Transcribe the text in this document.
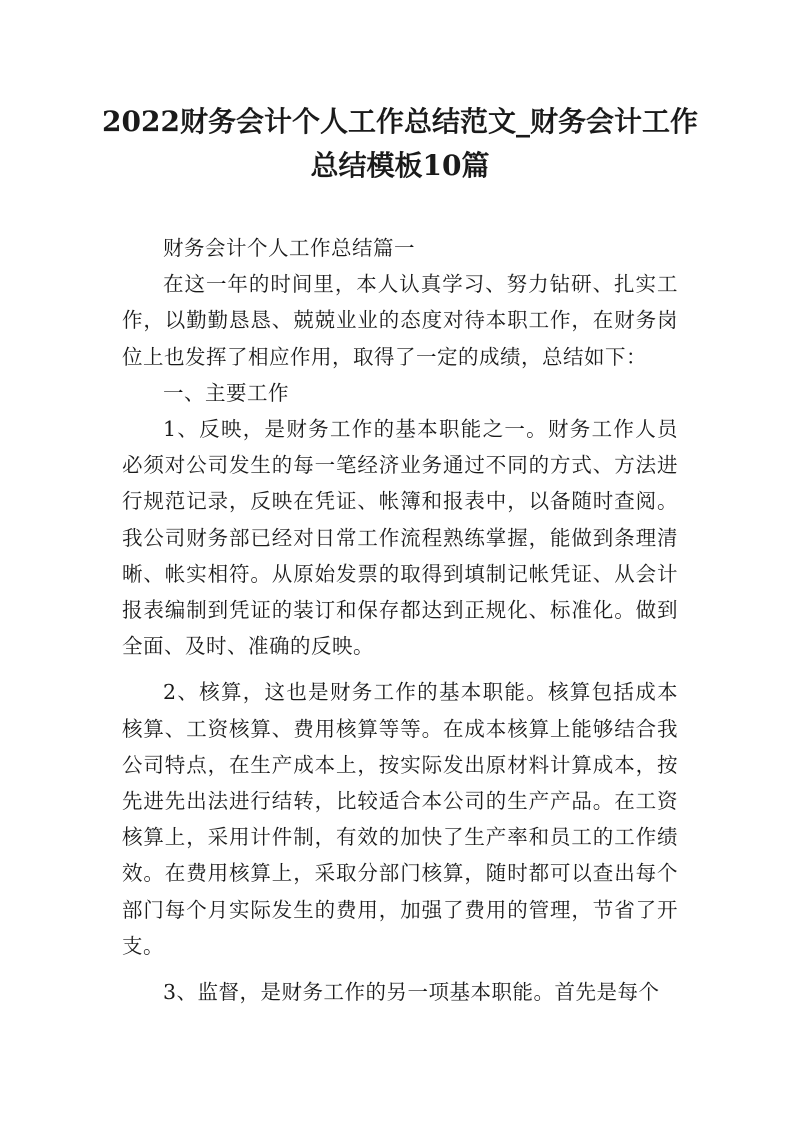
2022财务会计个人工作总结范文_财务会计工作总结模板10篇

财务会计个人工作总结篇一

在这一年的时间里，本人认真学习、努力钻研、扎实工作，以勤勤恳恳、兢兢业业的态度对待本职工作，在财务岗位上也发挥了相应作用，取得了一定的成绩，总结如下：

一、主要工作

1、反映，是财务工作的基本职能之一。财务工作人员必须对公司发生的每一笔经济业务通过不同的方式、方法进行规范记录，反映在凭证、帐簿和报表中，以备随时查阅。我公司财务部已经对日常工作流程熟练掌握，能做到条理清晰、帐实相符。从原始发票的取得到填制记帐凭证、从会计报表编制到凭证的装订和保存都达到正规化、标准化。做到全面、及时、准确的反映。

2、核算，这也是财务工作的基本职能。核算包括成本核算、工资核算、费用核算等等。在成本核算上能够结合我公司特点，在生产成本上，按实际发出原材料计算成本，按先进先出法进行结转，比较适合本公司的生产产品。在工资核算上，采用计件制，有效的加快了生产率和员工的工作绩效。在费用核算上，采取分部门核算，随时都可以查出每个部门每个月实际发生的费用，加强了费用的管理，节省了开支。

3、监督，是财务工作的另一项基本职能。首先是每个
